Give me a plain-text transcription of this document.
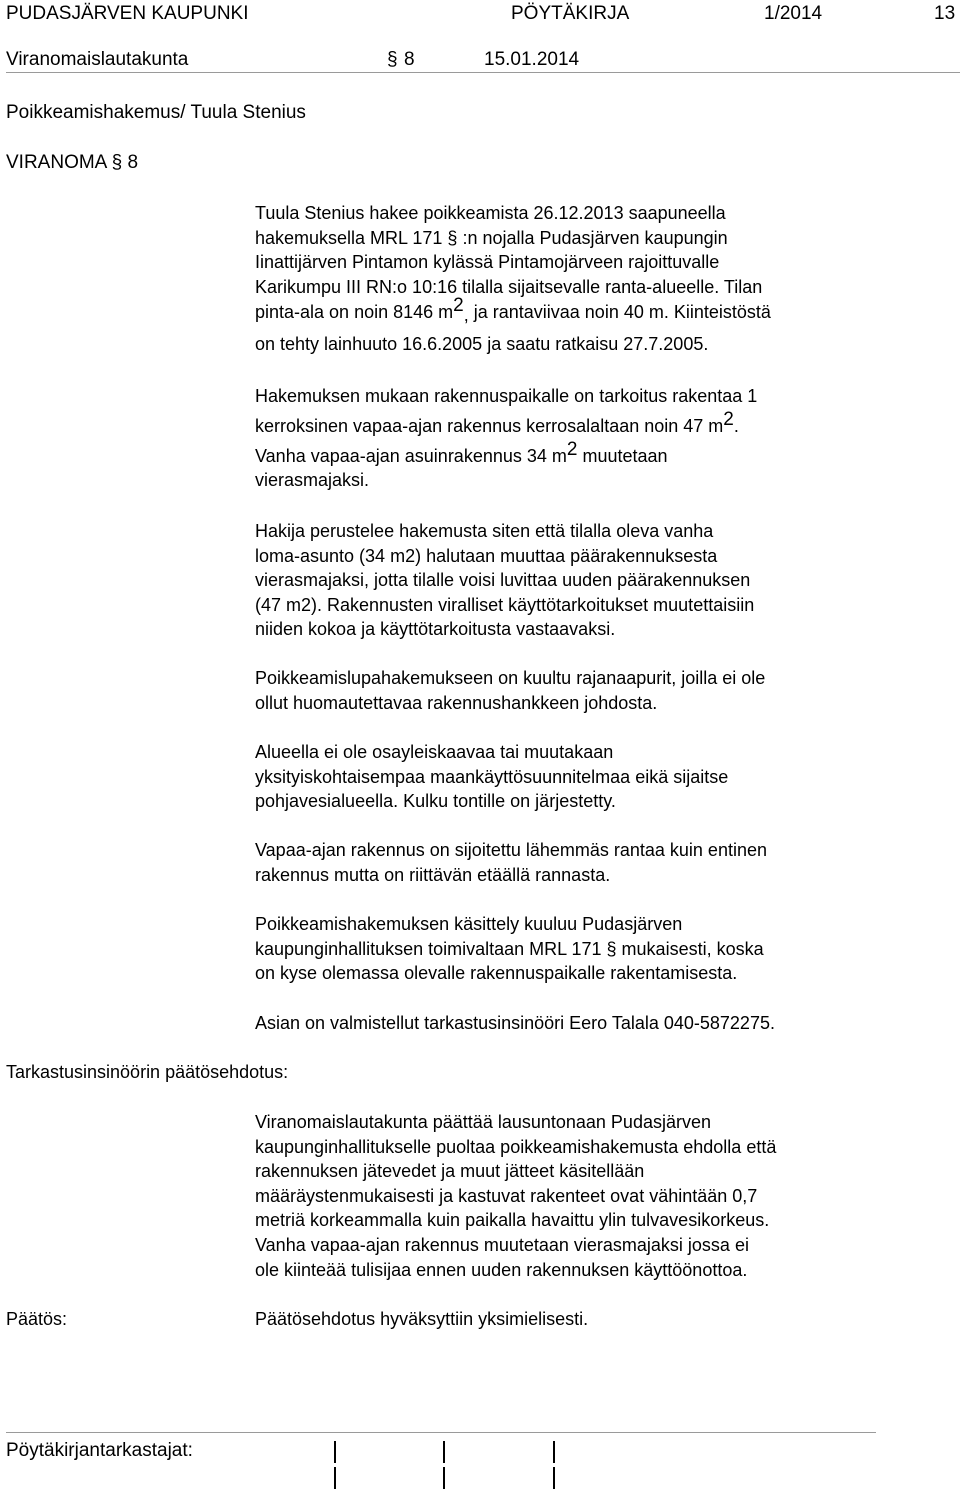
PUDASJÄRVEN KAUPUNKI	PÖYTÄKIRJA	1/2014	13
Viranomaislautakunta	§ 8	15.01.2014
Poikkeamishakemus/ Tuula Stenius
VIRANOMA § 8
Tuula Stenius hakee poikkeamista 26.12.2013 saapuneella
hakemuksella MRL 171 § :n nojalla Pudasjärven kaupungin
Iinattijärven Pintamon kylässä Pintamojärveen rajoittuvalle
Karikumpu III RN:o 10:16 tilalla sijaitsevalle ranta-alueelle. Tilan
pinta-ala on noin 8146 m2, ja rantaviivaa noin 40 m. Kiinteistöstä
on tehty lainhuuto 16.6.2005 ja saatu ratkaisu 27.7.2005.
Hakemuksen mukaan rakennuspaikalle on tarkoitus rakentaa 1
kerroksinen vapaa-ajan rakennus kerrosalaltaan noin 47 m2.
Vanha vapaa-ajan asuinrakennus 34 m2 muutetaan
vierasmajaksi.
Hakija perustelee hakemusta siten että tilalla oleva vanha
loma-asunto (34 m2) halutaan muuttaa päärakennuksesta
vierasmajaksi, jotta tilalle voisi luvittaa uuden päärakennuksen
(47 m2). Rakennusten viralliset käyttötarkoitukset muutettaisiin
niiden kokoa ja käyttötarkoitusta vastaavaksi.
Poikkeamislupahakemukseen on kuultu rajanaapurit, joilla ei ole
ollut huomautettavaa rakennushankkeen johdosta.
Alueella ei ole osayleiskaavaa tai muutakaan
yksityiskohtaisempaa maankäyttösuunnitelmaa eikä sijaitse
pohjavesialueella. Kulku tontille on järjestetty.
Vapaa-ajan rakennus on sijoitettu lähemmäs rantaa kuin entinen
rakennus mutta on riittävän etäällä rannasta.
Poikkeamishakemuksen käsittely kuuluu Pudasjärven
kaupunginhallituksen toimivaltaan MRL 171 § mukaisesti, koska
on kyse olemassa olevalle rakennuspaikalle rakentamisesta.
Asian on valmistellut tarkastusinsinööri Eero Talala 040-5872275.
Tarkastusinsinöörin päätösehdotus:
Viranomaislautakunta päättää lausuntonaan Pudasjärven
kaupunginhallitukselle puoltaa poikkeamishakemusta ehdolla että
rakennuksen jätevedet ja muut jätteet käsitellään
määräystenmukaisesti ja kastuvat rakenteet ovat vähintään 0,7
metriä korkeammalla kuin paikalla havaittu ylin tulvavesikorkeus.
Vanha vapaa-ajan rakennus muutetaan vierasmajaksi jossa ei
ole kiinteää tulisijaa ennen uuden rakennuksen käyttöönottoa.
Päätös:	Päätösehdotus hyväksyttiin yksimielisesti.
Pöytäkirjantarkastajat:
